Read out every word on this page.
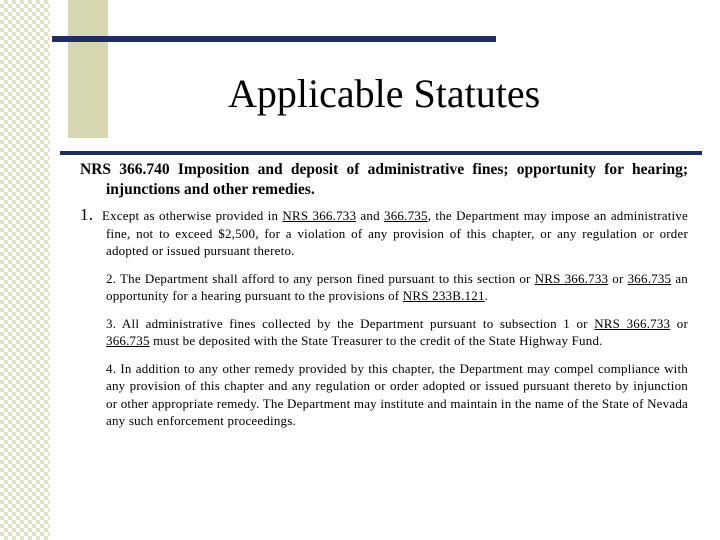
Applicable Statutes

NRS 366.740 Imposition and deposit of administrative fines; opportunity for hearing; injunctions and other remedies.

1. Except as otherwise provided in NRS 366.733 and 366.735, the Department may impose an administrative fine, not to exceed $2,500, for a violation of any provision of this chapter, or any regulation or order adopted or issued pursuant thereto.

2. The Department shall afford to any person fined pursuant to this section or NRS 366.733 or 366.735 an opportunity for a hearing pursuant to the provisions of NRS 233B.121.

3. All administrative fines collected by the Department pursuant to subsection 1 or NRS 366.733 or 366.735 must be deposited with the State Treasurer to the credit of the State Highway Fund.

4. In addition to any other remedy provided by this chapter, the Department may compel compliance with any provision of this chapter and any regulation or order adopted or issued pursuant thereto by injunction or other appropriate remedy. The Department may institute and maintain in the name of the State of Nevada any such enforcement proceedings.
